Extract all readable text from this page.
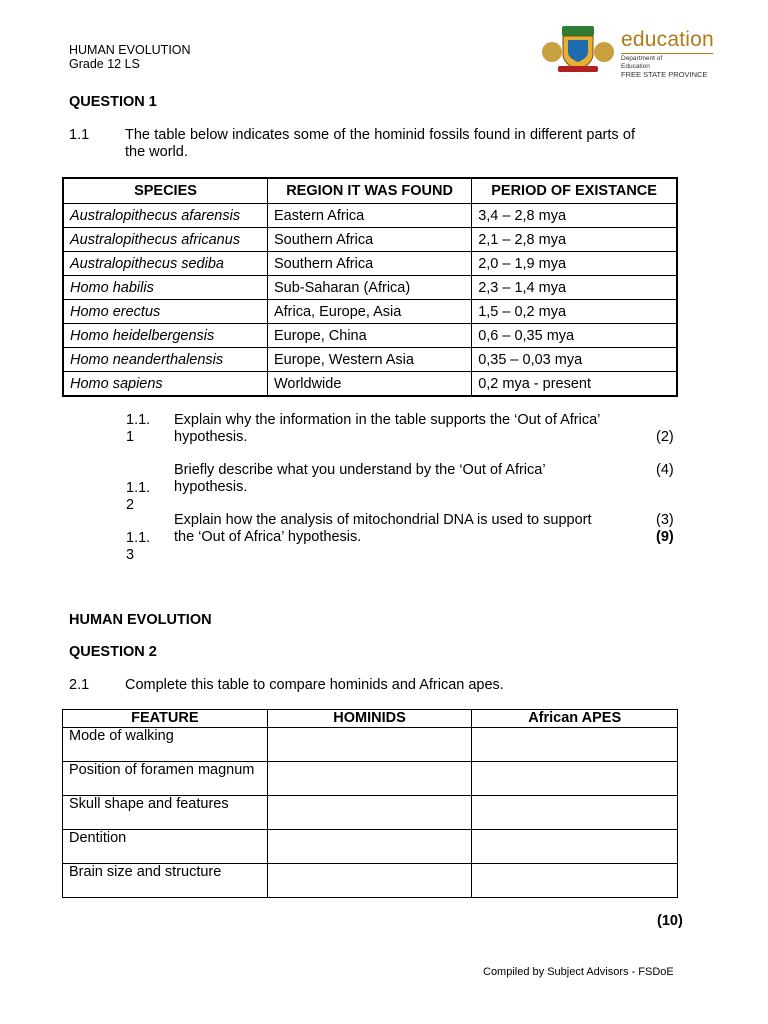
HUMAN EVOLUTION
Grade 12 LS
education
Department of
Education
FREE STATE PROVINCE
QUESTION 1
1.1 The table below indicates some of the hominid fossils found in different parts of the world.
SPECIES	REGION IT WAS FOUND	PERIOD OF EXISTANCE
Australopithecus afarensis	Eastern Africa	3,4 – 2,8 mya
Australopithecus africanus	Southern Africa	2,1 – 2,8 mya
Australopithecus sediba	Southern Africa	2,0 – 1,9 mya
Homo habilis	Sub-Saharan (Africa)	2,3 – 1,4 mya
Homo erectus	Africa, Europe, Asia	1,5 – 0,2 mya
Homo heidelbergensis	Europe, China	0,6 – 0,35 mya
Homo neanderthalensis	Europe, Western Asia	0,35 – 0,03 mya
Homo sapiens	Worldwide	0,2 mya - present
1.1.
1
Explain why the information in the table supports the ‘Out of Africa’
hypothesis.	(2)
Briefly describe what you understand by the ‘Out of Africa’
hypothesis.
(4)
1.1.
2
Explain how the analysis of mitochondrial DNA is used to support
the ‘Out of Africa’ hypothesis.
(3)
(9)
1.1.
3
HUMAN EVOLUTION
QUESTION 2
2.1 Complete this table to compare hominids and African apes.
FEATURE	HOMINIDS	African APES
Mode of walking		
Position of foramen magnum		
Skull shape and features		
Dentition		
Brain size and structure		
(10)
Compiled by Subject Advisors - FSDoE
